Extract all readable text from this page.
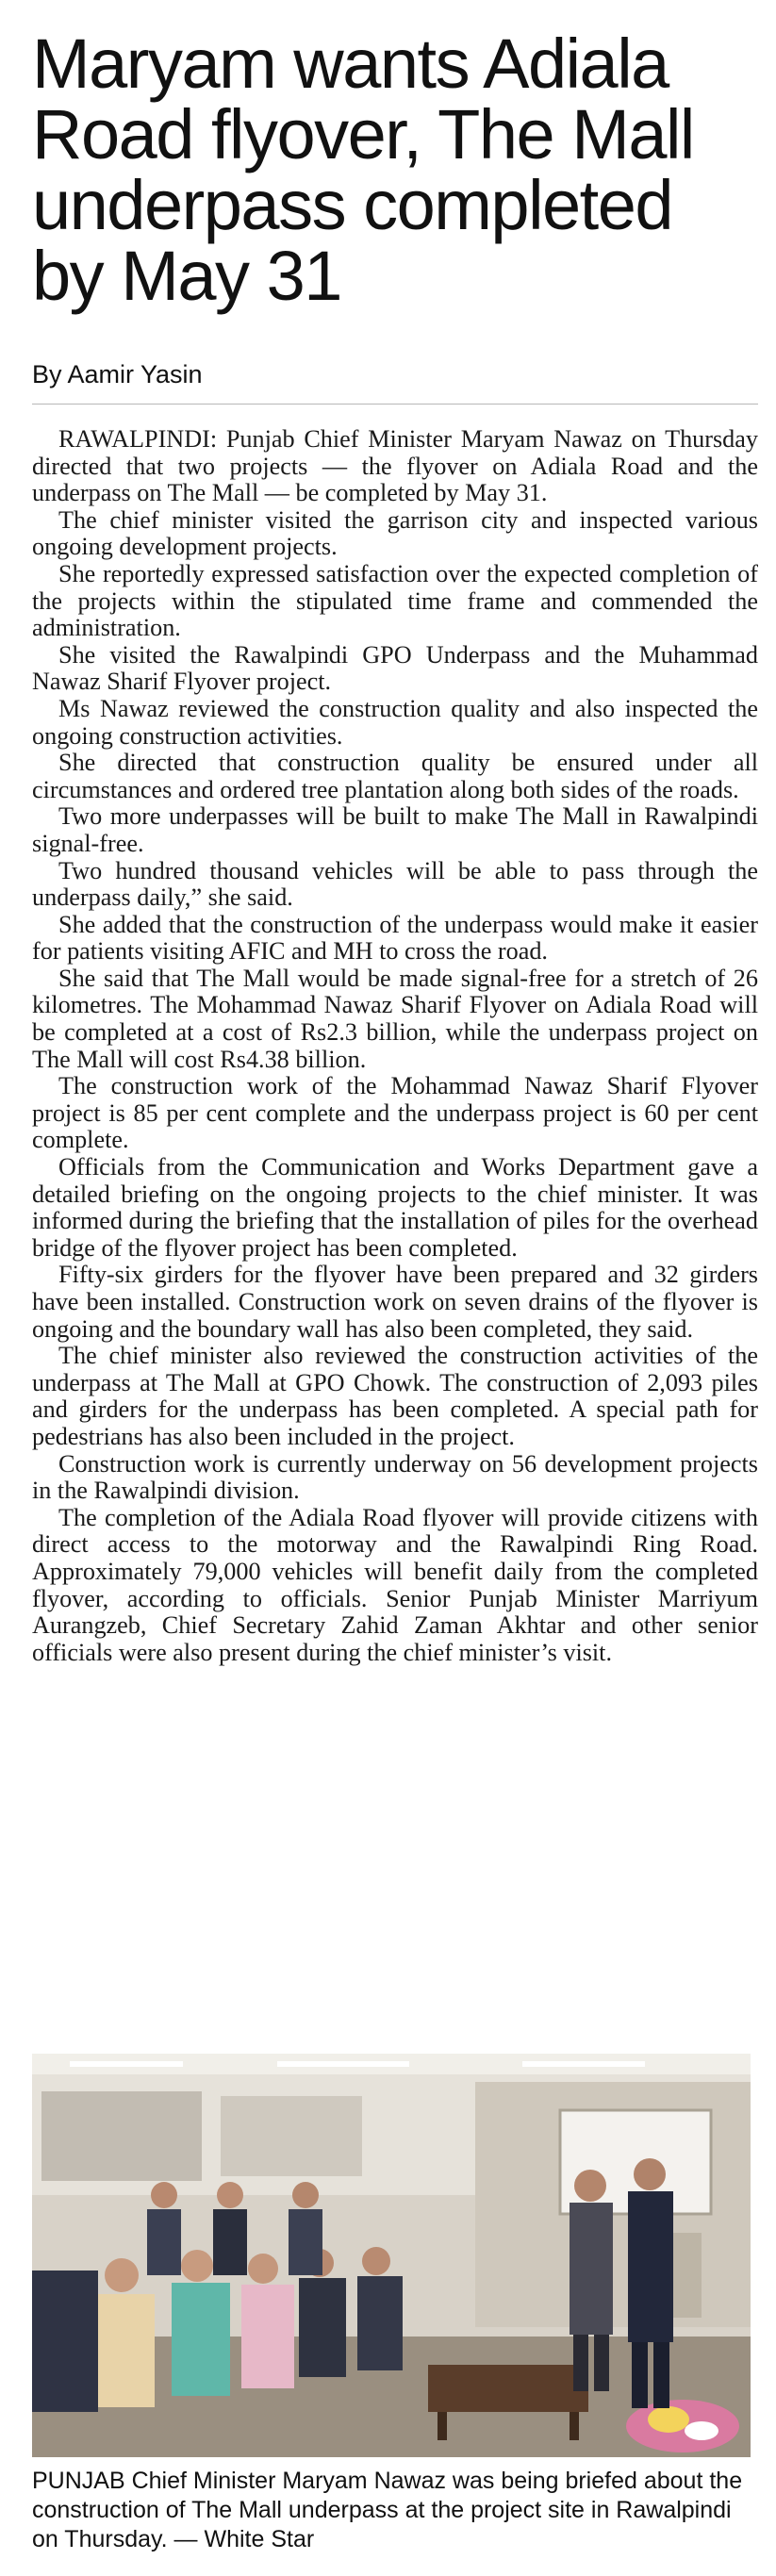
Maryam wants Adiala Road flyover, The Mall underpass completed by May 31
By Aamir Yasin

RAWALPINDI: Punjab Chief Minister Maryam Nawaz on Thursday directed that two projects — the flyover on Adiala Road and the underpass on The Mall — be completed by May 31.

The chief minister visited the garrison city and inspected various ongoing development projects.

She reportedly expressed satisfaction over the expected completion of the projects within the stipulated time frame and commended the administration.

She visited the Rawalpindi GPO Underpass and the Muhammad Nawaz Sharif Flyover project.

Ms Nawaz reviewed the construction quality and also inspected the ongoing construction activities.

She directed that construction quality be ensured under all circumstances and ordered tree plantation along both sides of the roads.

Two more underpasses will be built to make The Mall in Rawalpindi signal-free.

Two hundred thousand vehicles will be able to pass through the underpass daily,” she said.

She added that the construction of the underpass would make it easier for patients visiting AFIC and MH to cross the road.

She said that The Mall would be made signal-free for a stretch of 26 kilometres. The Mohammad Nawaz Sharif Flyover on Adiala Road will be completed at a cost of Rs2.3 billion, while the underpass project on The Mall will cost Rs4.38 billion.

The construction work of the Mohammad Nawaz Sharif Flyover project is 85 per cent complete and the underpass project is 60 per cent complete.

Officials from the Communication and Works Department gave a detailed briefing on the ongoing projects to the chief minister. It was informed during the briefing that the installation of piles for the overhead bridge of the flyover project has been completed.

Fifty-six girders for the flyover have been prepared and 32 girders have been installed. Construction work on seven drains of the flyover is ongoing and the boundary wall has also been completed, they said.

The chief minister also reviewed the construction activities of the underpass at The Mall at GPO Chowk. The construction of 2,093 piles and girders for the underpass has been completed. A special path for pedestrians has also been included in the project.

Construction work is currently underway on 56 development projects in the Rawalpindi division.

The completion of the Adiala Road flyover will provide citizens with direct access to the motorway and the Rawalpindi Ring Road. Approximately 79,000 vehicles will benefit daily from the completed flyover, according to officials. Senior Punjab Minister Marriyum Aurangzeb, Chief Secretary Zahid Zaman Akhtar and other senior officials were also present during the chief minister’s visit.

PUNJAB Chief Minister Maryam Nawaz was being briefed about the construction of The Mall underpass at the project site in Rawalpindi on Thursday. — White Star
